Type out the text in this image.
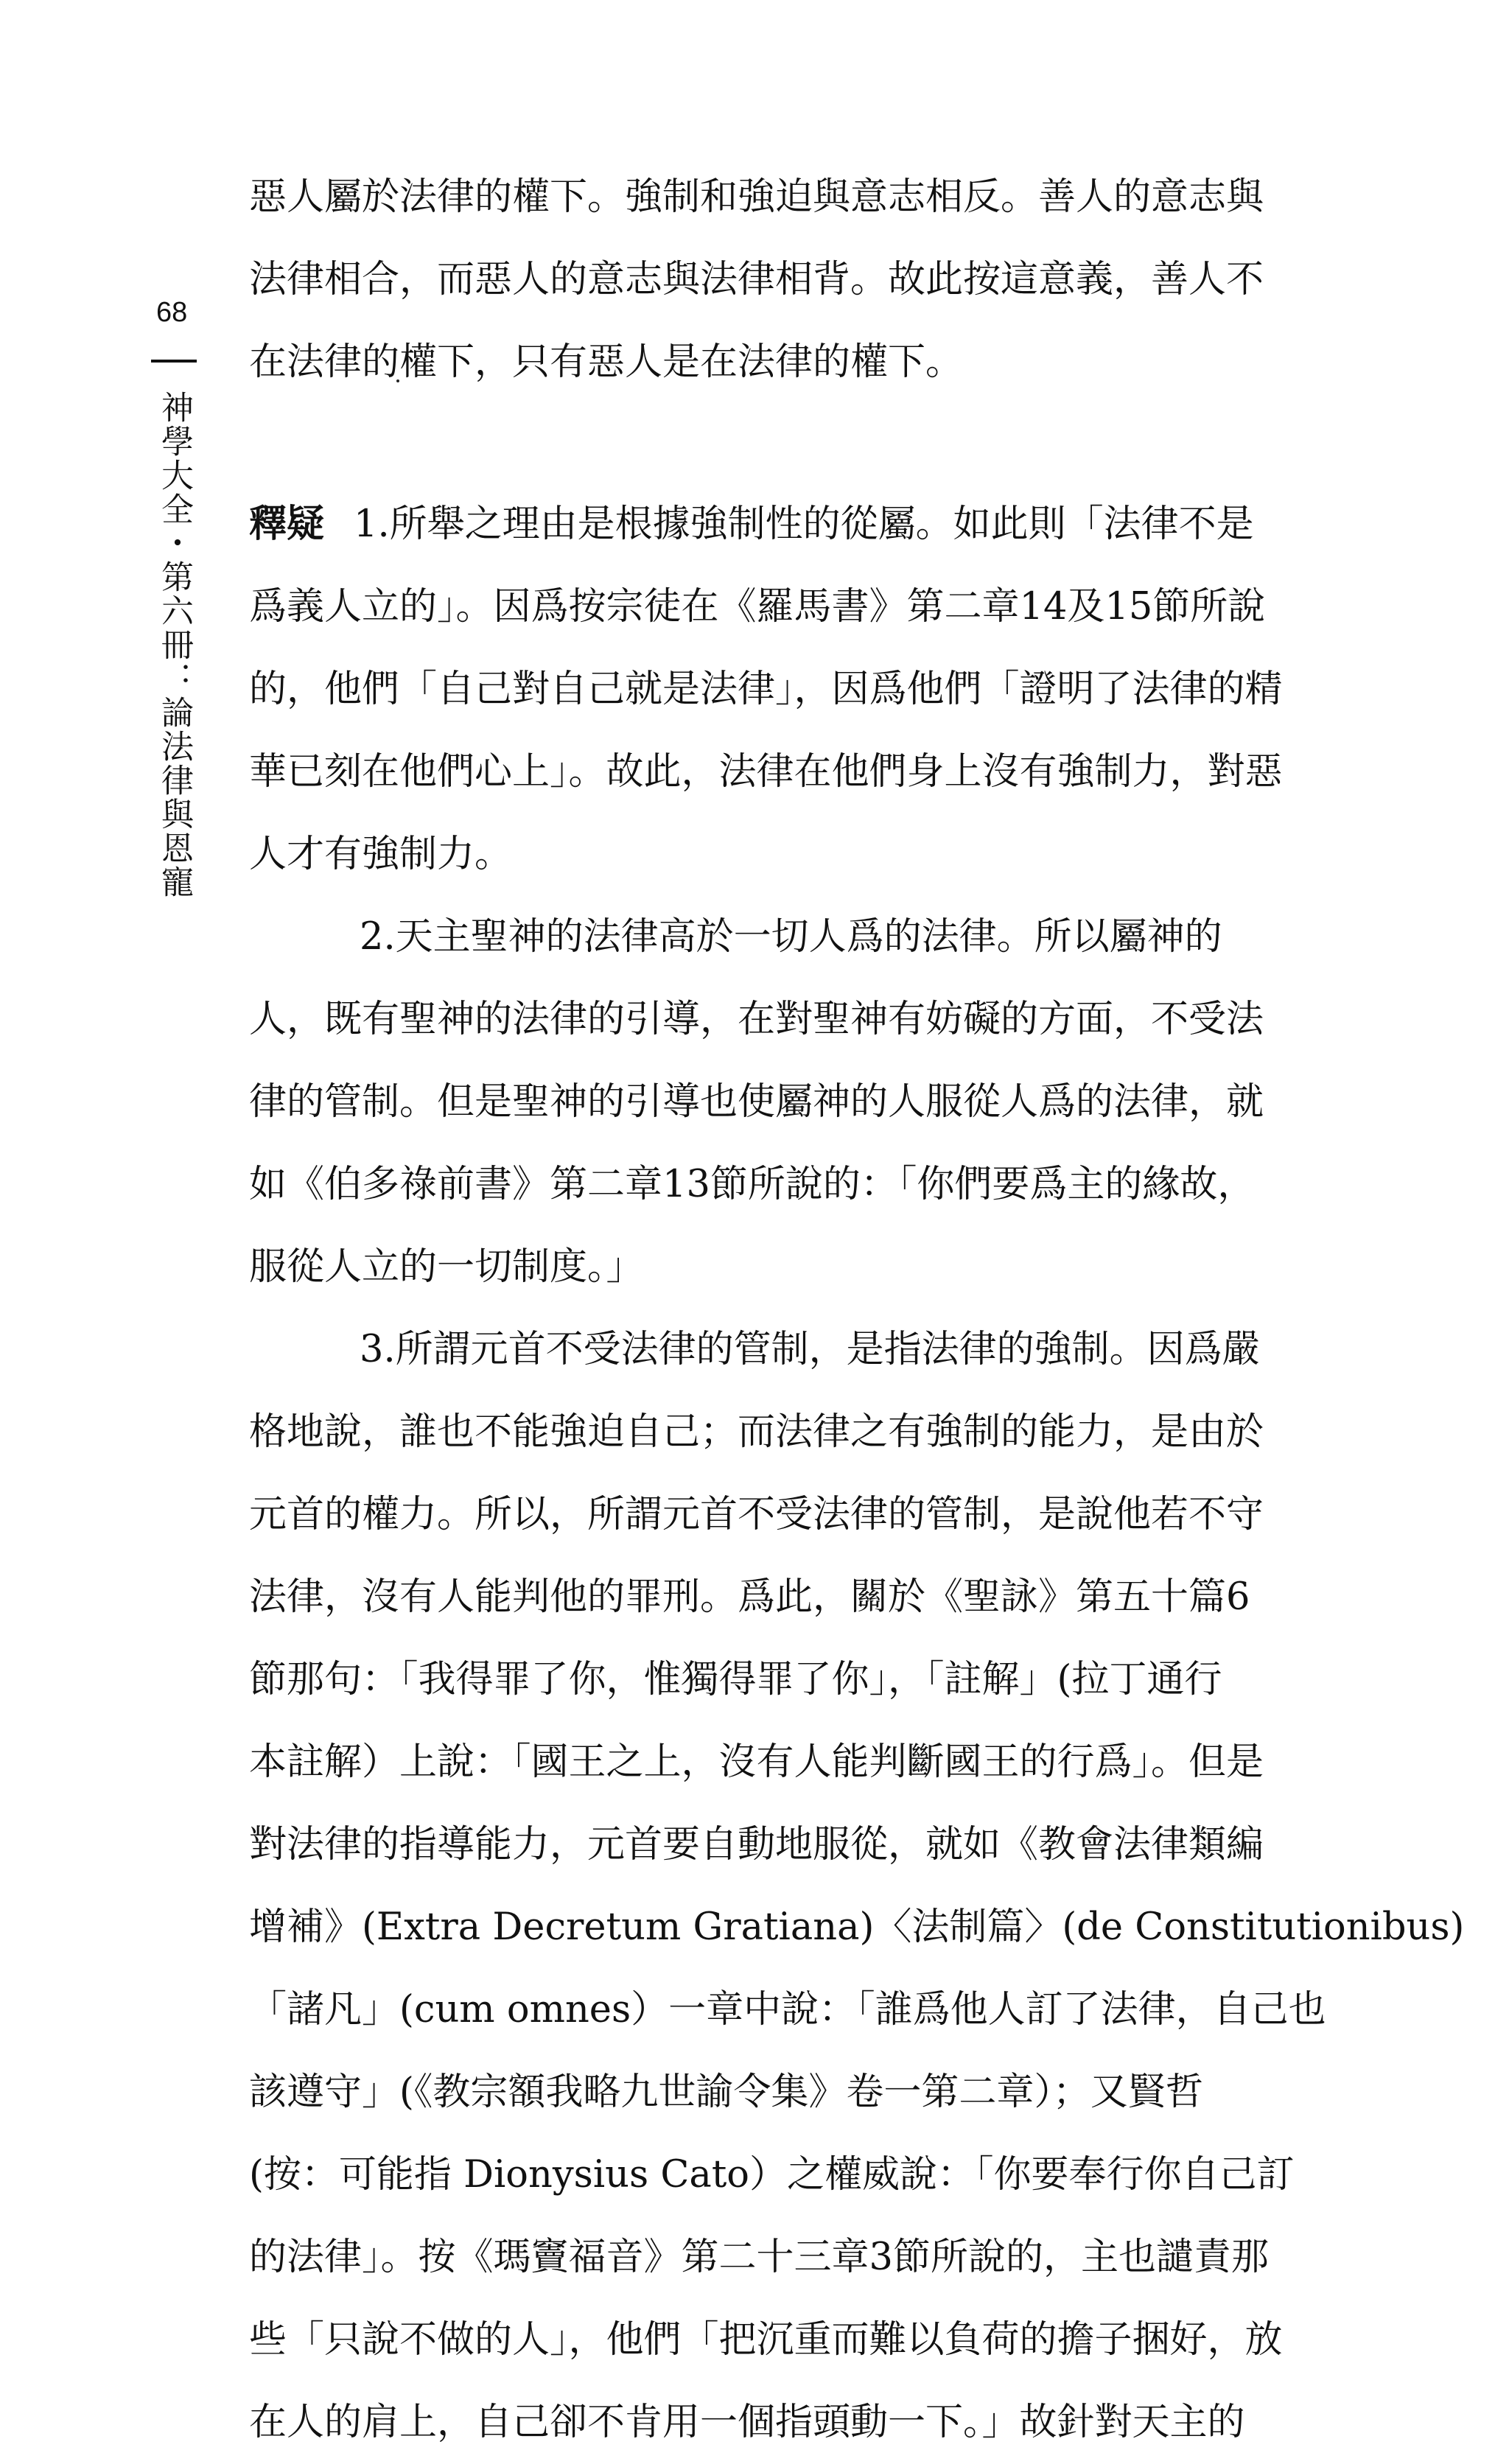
68
神學大全・第六冊：論法律與恩寵
惡人屬於法律的權下。強制和強迫與意志相反。善人的意志與
法律相合，而惡人的意志與法律相背。故此按這意義，善人不
在法律的權下，只有惡人是在法律的權下。
釋疑 1.所舉之理由是根據強制性的從屬。如此則「法律不是
爲義人立的」。因爲按宗徒在《羅馬書》第二章14及15節所說
的，他們「自己對自己就是法律」，因爲他們「證明了法律的精
華已刻在他們心上」。故此，法律在他們身上沒有強制力，對惡
人才有強制力。
2.天主聖神的法律高於一切人爲的法律。所以屬神的
人，既有聖神的法律的引導，在對聖神有妨礙的方面，不受法
律的管制。但是聖神的引導也使屬神的人服從人爲的法律，就
如《伯多祿前書》第二章13節所說的：「你們要爲主的緣故，
服從人立的一切制度。」
3.所謂元首不受法律的管制，是指法律的強制。因爲嚴
格地說，誰也不能強迫自己；而法律之有強制的能力，是由於
元首的權力。所以，所謂元首不受法律的管制，是說他若不守
法律，沒有人能判他的罪刑。爲此，關於《聖詠》第五十篇6
節那句：「我得罪了你，惟獨得罪了你」，「註解」(拉丁通行
本註解）上說：「國王之上，沒有人能判斷國王的行爲」。但是
對法律的指導能力，元首要自動地服從，就如《教會法律類編
增補》(Extra Decretum Gratiana)〈法制篇〉(de Constitutionibus)
「諸凡」(cum omnes）一章中說：「誰爲他人訂了法律，自己也
該遵守」(《教宗額我略九世諭令集》卷一第二章）；又賢哲
(按：可能指 Dionysius Cato）之權威說：「你要奉行你自己訂
的法律」。按《瑪竇福音》第二十三章3節所說的，主也譴責那
些「只說不做的人」，他們「把沉重而難以負荷的擔子捆好，放
在人的肩上，自己卻不肯用一個指頭動一下。」故針對天主的
